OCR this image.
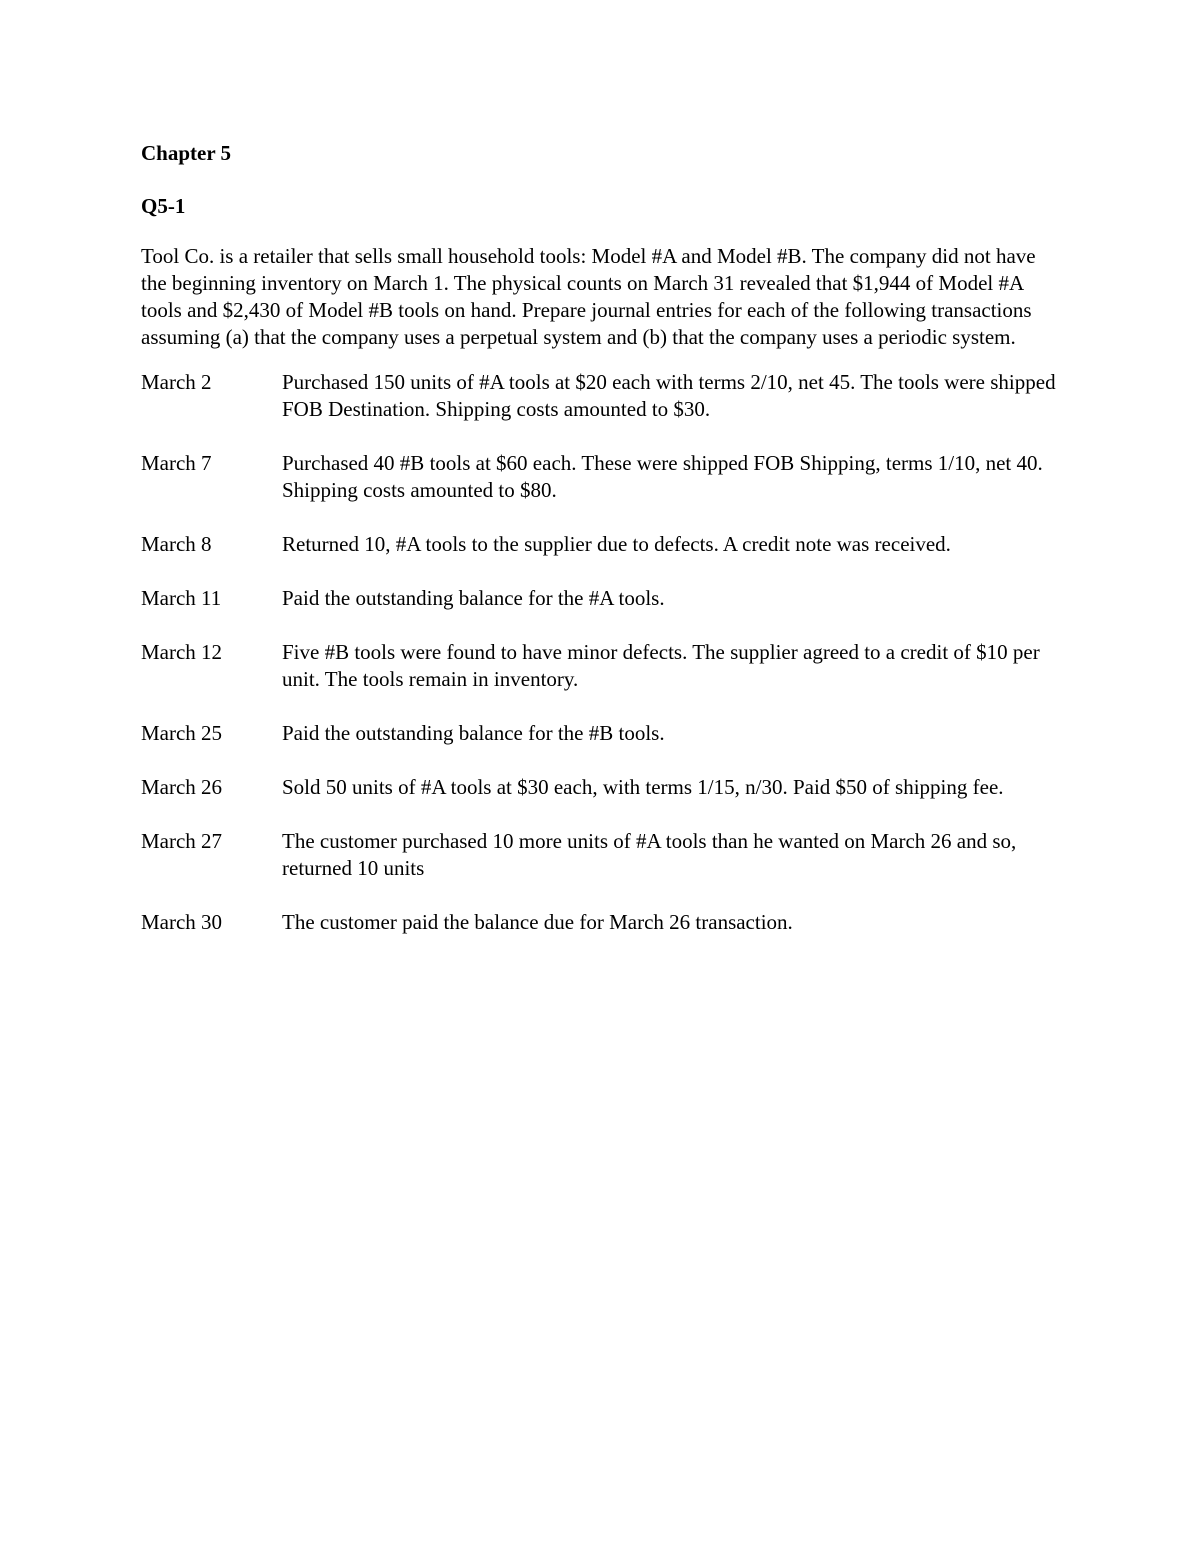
Chapter 5
Q5-1
Tool Co. is a retailer that sells small household tools: Model #A and Model #B. The company did not have the beginning inventory on March 1. The physical counts on March 31 revealed that $1,944 of Model #A tools and $2,430 of Model #B tools on hand. Prepare journal entries for each of the following transactions assuming (a) that the company uses a perpetual system and (b) that the company uses a periodic system.
March 2	Purchased 150 units of #A tools at $20 each with terms 2/10, net 45. The tools were shipped FOB Destination. Shipping costs amounted to $30.
March 7	Purchased 40 #B tools at $60 each. These were shipped FOB Shipping, terms 1/10, net 40. Shipping costs amounted to $80.
March 8	Returned 10, #A tools to the supplier due to defects. A credit note was received.
March 11	Paid the outstanding balance for the #A tools.
March 12	Five #B tools were found to have minor defects. The supplier agreed to a credit of $10 per unit. The tools remain in inventory.
March 25	Paid the outstanding balance for the #B tools.
March 26	Sold 50 units of #A tools at $30 each, with terms 1/15, n/30. Paid $50 of shipping fee.
March 27	The customer purchased 10 more units of #A tools than he wanted on March 26 and so, returned 10 units
March 30	The customer paid the balance due for March 26 transaction.
